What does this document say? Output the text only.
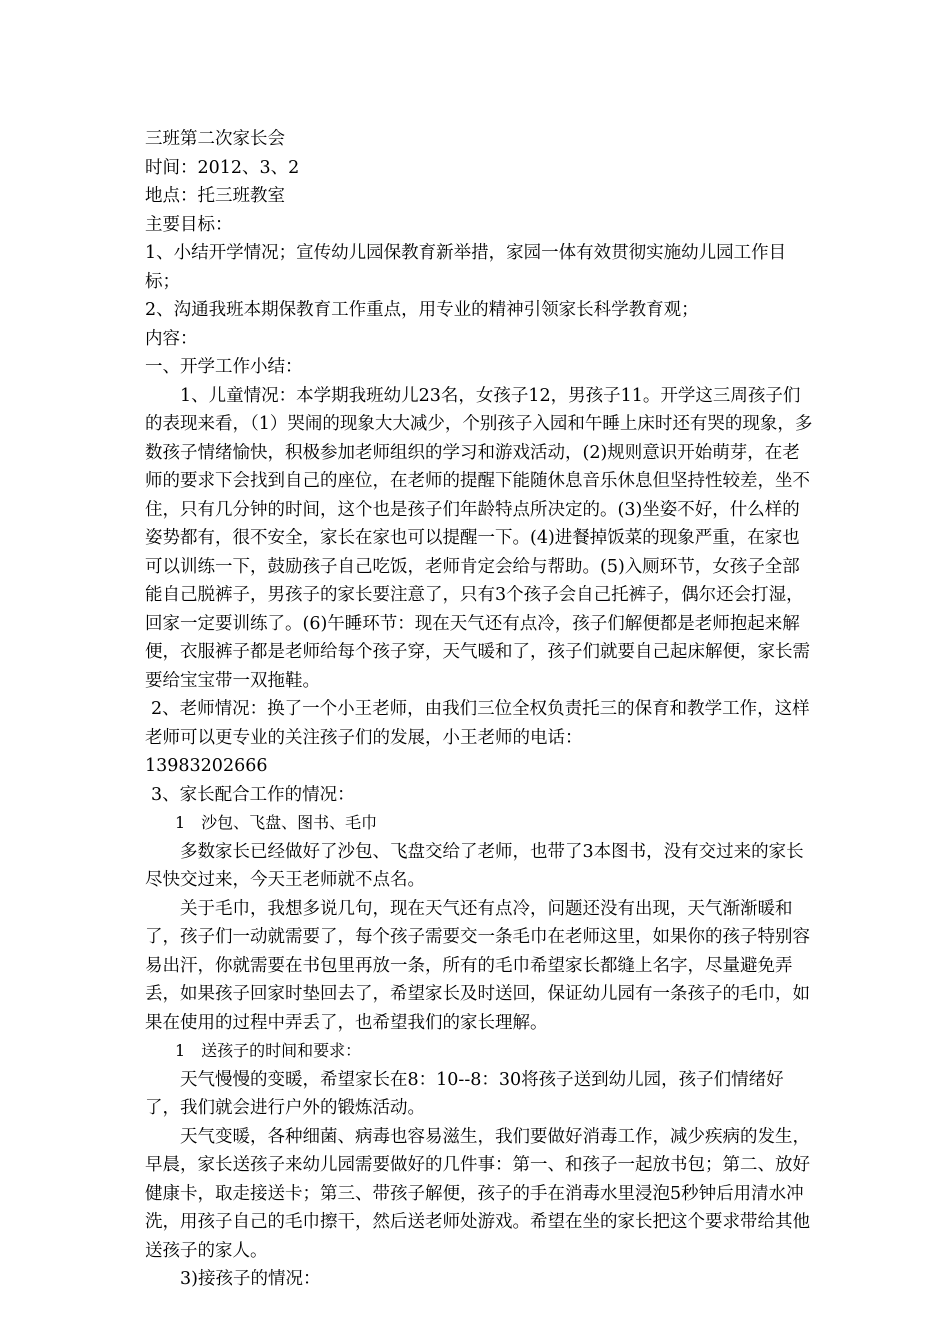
三班第二次家长会

时间：2012、3、2

地点：托三班教室

主要目标：

1、小结开学情况；宣传幼儿园保教育新举措，家园一体有效贯彻实施幼儿园工作目标；

2、沟通我班本期保教育工作重点，用专业的精神引领家长科学教育观；

内容：

一、开学工作小结：

1、儿童情况：本学期我班幼儿23名，女孩子12，男孩子11。开学这三周孩子们的表现来看，（1）哭闹的现象大大减少，个别孩子入园和午睡上床时还有哭的现象，多数孩子情绪愉快，积极参加老师组织的学习和游戏活动，(2)规则意识开始萌芽，在老师的要求下会找到自己的座位，在老师的提醒下能随休息音乐休息但坚持性较差，坐不住，只有几分钟的时间，这个也是孩子们年龄特点所决定的。(3)坐姿不好，什么样的姿势都有，很不安全，家长在家也可以提醒一下。(4)进餐掉饭菜的现象严重，在家也可以训练一下，鼓励孩子自己吃饭，老师肯定会给与帮助。(5)入厕环节，女孩子全部能自己脱裤子，男孩子的家长要注意了，只有3个孩子会自己托裤子，偶尔还会打湿，回家一定要训练了。(6)午睡环节：现在天气还有点冷，孩子们解便都是老师抱起来解便，衣服裤子都是老师给每个孩子穿，天气暖和了，孩子们就要自己起床解便，家长需要给宝宝带一双拖鞋。

2、老师情况：换了一个小王老师，由我们三位全权负责托三的保育和教学工作，这样老师可以更专业的关注孩子们的发展，小王老师的电话：

13983202666

3、家长配合工作的情况：

1　沙包、飞盘、图书、毛巾

多数家长已经做好了沙包、飞盘交给了老师，也带了3本图书，没有交过来的家长尽快交过来，今天王老师就不点名。

关于毛巾，我想多说几句，现在天气还有点冷，问题还没有出现，天气渐渐暖和了，孩子们一动就需要了，每个孩子需要交一条毛巾在老师这里，如果你的孩子特别容易出汗，你就需要在书包里再放一条，所有的毛巾希望家长都缝上名字，尽量避免弄丢，如果孩子回家时垫回去了，希望家长及时送回，保证幼儿园有一条孩子的毛巾，如果在使用的过程中弄丢了，也希望我们的家长理解。

1　送孩子的时间和要求：

天气慢慢的变暖，希望家长在8：10--8：30将孩子送到幼儿园，孩子们情绪好了，我们就会进行户外的锻炼活动。

天气变暖，各种细菌、病毒也容易滋生，我们要做好消毒工作，减少疾病的发生，早晨，家长送孩子来幼儿园需要做好的几件事：第一、和孩子一起放书包；第二、放好健康卡，取走接送卡；第三、带孩子解便，孩子的手在消毒水里浸泡5秒钟后用清水冲洗，用孩子自己的毛巾擦干，然后送老师处游戏。希望在坐的家长把这个要求带给其他送孩子的家人。

3)接孩子的情况：
